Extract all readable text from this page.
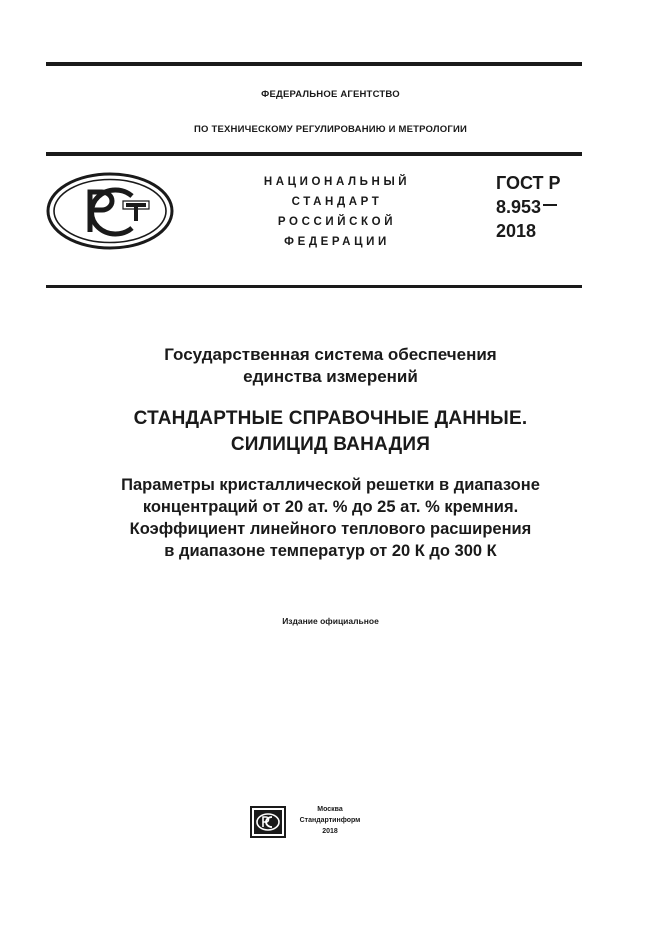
ФЕДЕРАЛЬНОЕ АГЕНТСТВО
ПО ТЕХНИЧЕСКОМУ РЕГУЛИРОВАНИЮ И МЕТРОЛОГИИ
НАЦИОНАЛЬНЫЙ
СТАНДАРТ
РОССИЙСКОЙ
ФЕДЕРАЦИИ
ГОСТ Р
8.953
2018
Государственная система обеспечения
единства измерений
СТАНДАРТНЫЕ СПРАВОЧНЫЕ ДАННЫЕ.
СИЛИЦИД ВАНАДИЯ
Параметры кристаллической решетки в диапазоне
концентраций от 20 ат. % до 25 ат. % кремния.
Коэффициент линейного теплового расширения
в диапазоне температур от 20 К до 300 К
Издание официальное
Москва
Стандартинформ
2018
